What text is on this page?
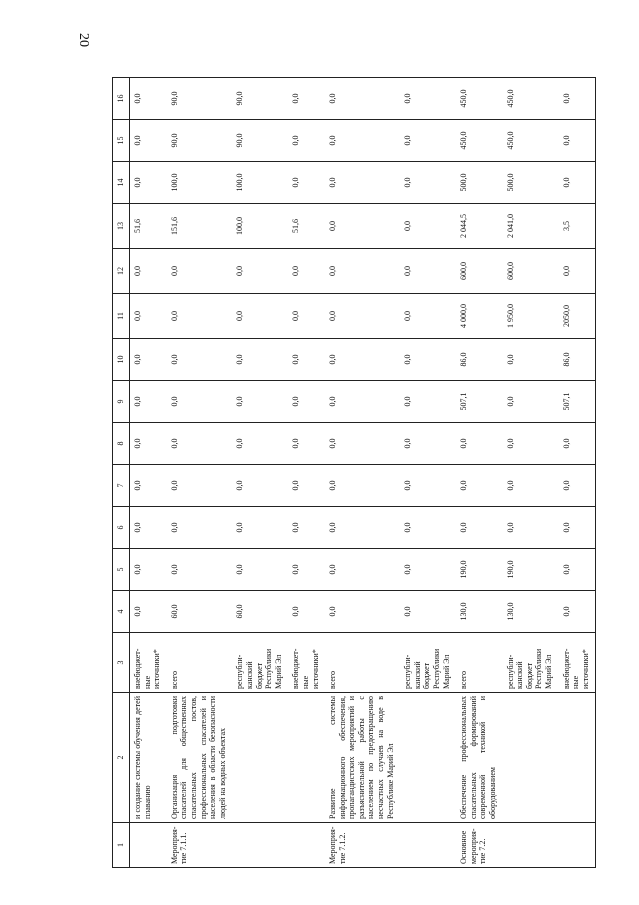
20
1	2	3	4	5	6	7	8	9	10	11	12	13	14	15	16
	и создание системы обучения детей плаванию	внебюджет-ные источники*	0,0	0,0	0,0	0,0	0,0	0,0	0,0	0,0	0,0	51,6	0,0	0,0	0,0
Мероприя-тие 7.1.1.	Организация подготовки спасателей для общественных спасательных постов, профессиональных спасателей и населения в области безопасности людей на водных объектах	всего	60,0	0,0	0,0	0,0	0,0	0,0	0,0	0,0	0,0	151,6	100,0	90,0	90,0
		республи-канский бюджет Республики Марий Эл	60,0	0,0	0,0	0,0	0,0	0,0	0,0	0,0	0,0	100,0	100,0	90,0	90,0
		внебюджет-ные источники*	0,0	0,0	0,0	0,0	0,0	0,0	0,0	0,0	0,0	51,6	0,0	0,0	0,0
Мероприя-тие 7.1.2.	Развитие системы информационного обеспечения, пропагандистских мероприятий и разъяснительной работы с населением по предотвращению несчастных случаев на воде в Республике Марий Эл	всего	0,0	0,0	0,0	0,0	0,0	0,0	0,0	0,0	0,0	0,0	0,0	0,0	0,0
		республи-канский бюджет Республики Марий Эл	0,0	0,0	0,0	0,0	0,0	0,0	0,0	0,0	0,0	0,0	0,0	0,0	0,0
Основное мероприя-тие 7.2.	Обеспечение профессиональных спасательных формирований современной техникой и оборудованием	всего	130,0	190,0	0,0	0,0	0,0	507,1	86,0	4 000,0	600,0	2 044,5	500,0	450,0	450,0
		республи-канский бюджет Республики Марий Эл	130,0	190,0	0,0	0,0	0,0	0,0	0,0	1 950,0	600,0	2 041,0	500,0	450,0	450,0
		внебюджет-ные источники*	0,0	0,0	0,0	0,0	0,0	507,1	86,0	2050,0	0,0	3,5	0,0	0,0	0,0
